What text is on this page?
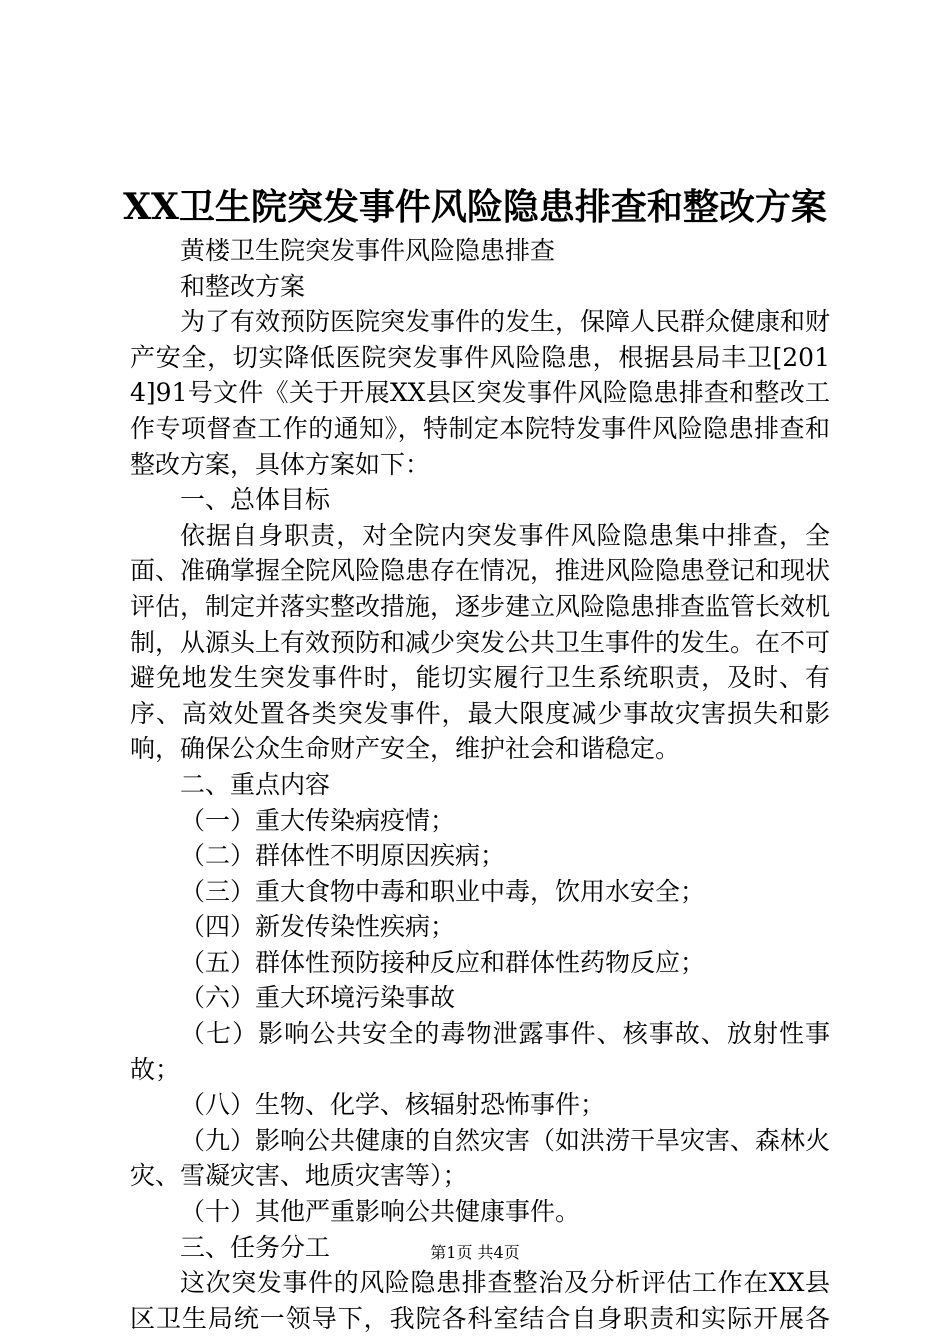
XX卫生院突发事件风险隐患排查和整改方案

黄楼卫生院突发事件风险隐患排查

和整改方案

为了有效预防医院突发事件的发生，保障人民群众健康和财产安全，切实降低医院突发事件风险隐患，根据县局丰卫[2014]91号文件《关于开展XX县区突发事件风险隐患排查和整改工作专项督查工作的通知》，特制定本院特发事件风险隐患排查和整改方案，具体方案如下：

一、总体目标

依据自身职责，对全院内突发事件风险隐患集中排查，全面、准确掌握全院风险隐患存在情况，推进风险隐患登记和现状评估，制定并落实整改措施，逐步建立风险隐患排查监管长效机制，从源头上有效预防和减少突发公共卫生事件的发生。在不可避免地发生突发事件时，能切实履行卫生系统职责，及时、有序、高效处置各类突发事件，最大限度减少事故灾害损失和影响，确保公众生命财产安全，维护社会和谐稳定。

二、重点内容

（一）重大传染病疫情；

（二）群体性不明原因疾病；

（三）重大食物中毒和职业中毒，饮用水安全；

（四）新发传染性疾病；

（五）群体性预防接种反应和群体性药物反应；

（六）重大环境污染事故

（七）影响公共安全的毒物泄露事件、核事故、放射性事故；

（八）生物、化学、核辐射恐怖事件；

（九）影响公共健康的自然灾害（如洪涝干旱灾害、森林火灾、雪凝灾害、地质灾害等）；

（十）其他严重影响公共健康事件。

三、任务分工

这次突发事件的风险隐患排查整治及分析评估工作在XX县区卫生局统一领导下，我院各科室结合自身职责和实际开展各

第1页 共4页
